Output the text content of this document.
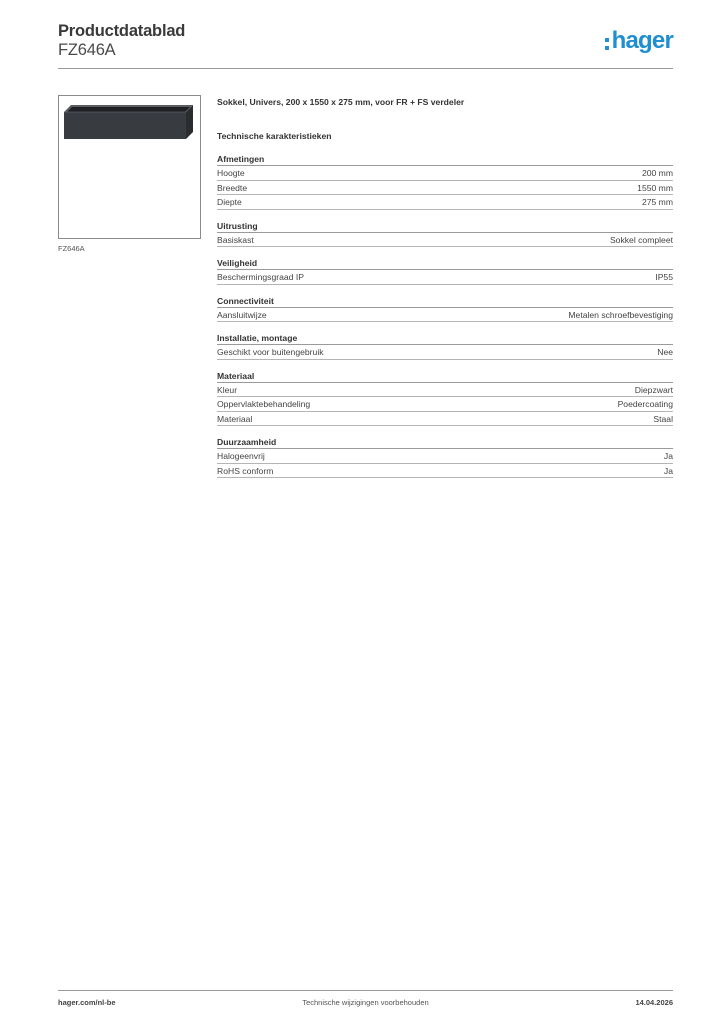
Productdatablad
FZ646A	hager
FZ646A
Sokkel, Univers, 200 x 1550 x 275 mm, voor FR + FS verdeler
Technische karakteristieken
Afmetingen
Hoogte	200 mm
Breedte	1550 mm
Diepte	275 mm
Uitrusting
Basiskast	Sokkel compleet
Veiligheid
Beschermingsgraad IP	IP55
Connectiviteit
Aansluitwijze	Metalen schroefbevestiging
Installatie, montage
Geschikt voor buitengebruik	Nee
Materiaal
Kleur	Diepzwart
Oppervlaktebehandeling	Poedercoating
Materiaal	Staal
Duurzaamheid
Halogeenvrij	Ja
RoHS conform	Ja
hager.com/nl-be	Technische wijzigingen voorbehouden	14.04.2026
